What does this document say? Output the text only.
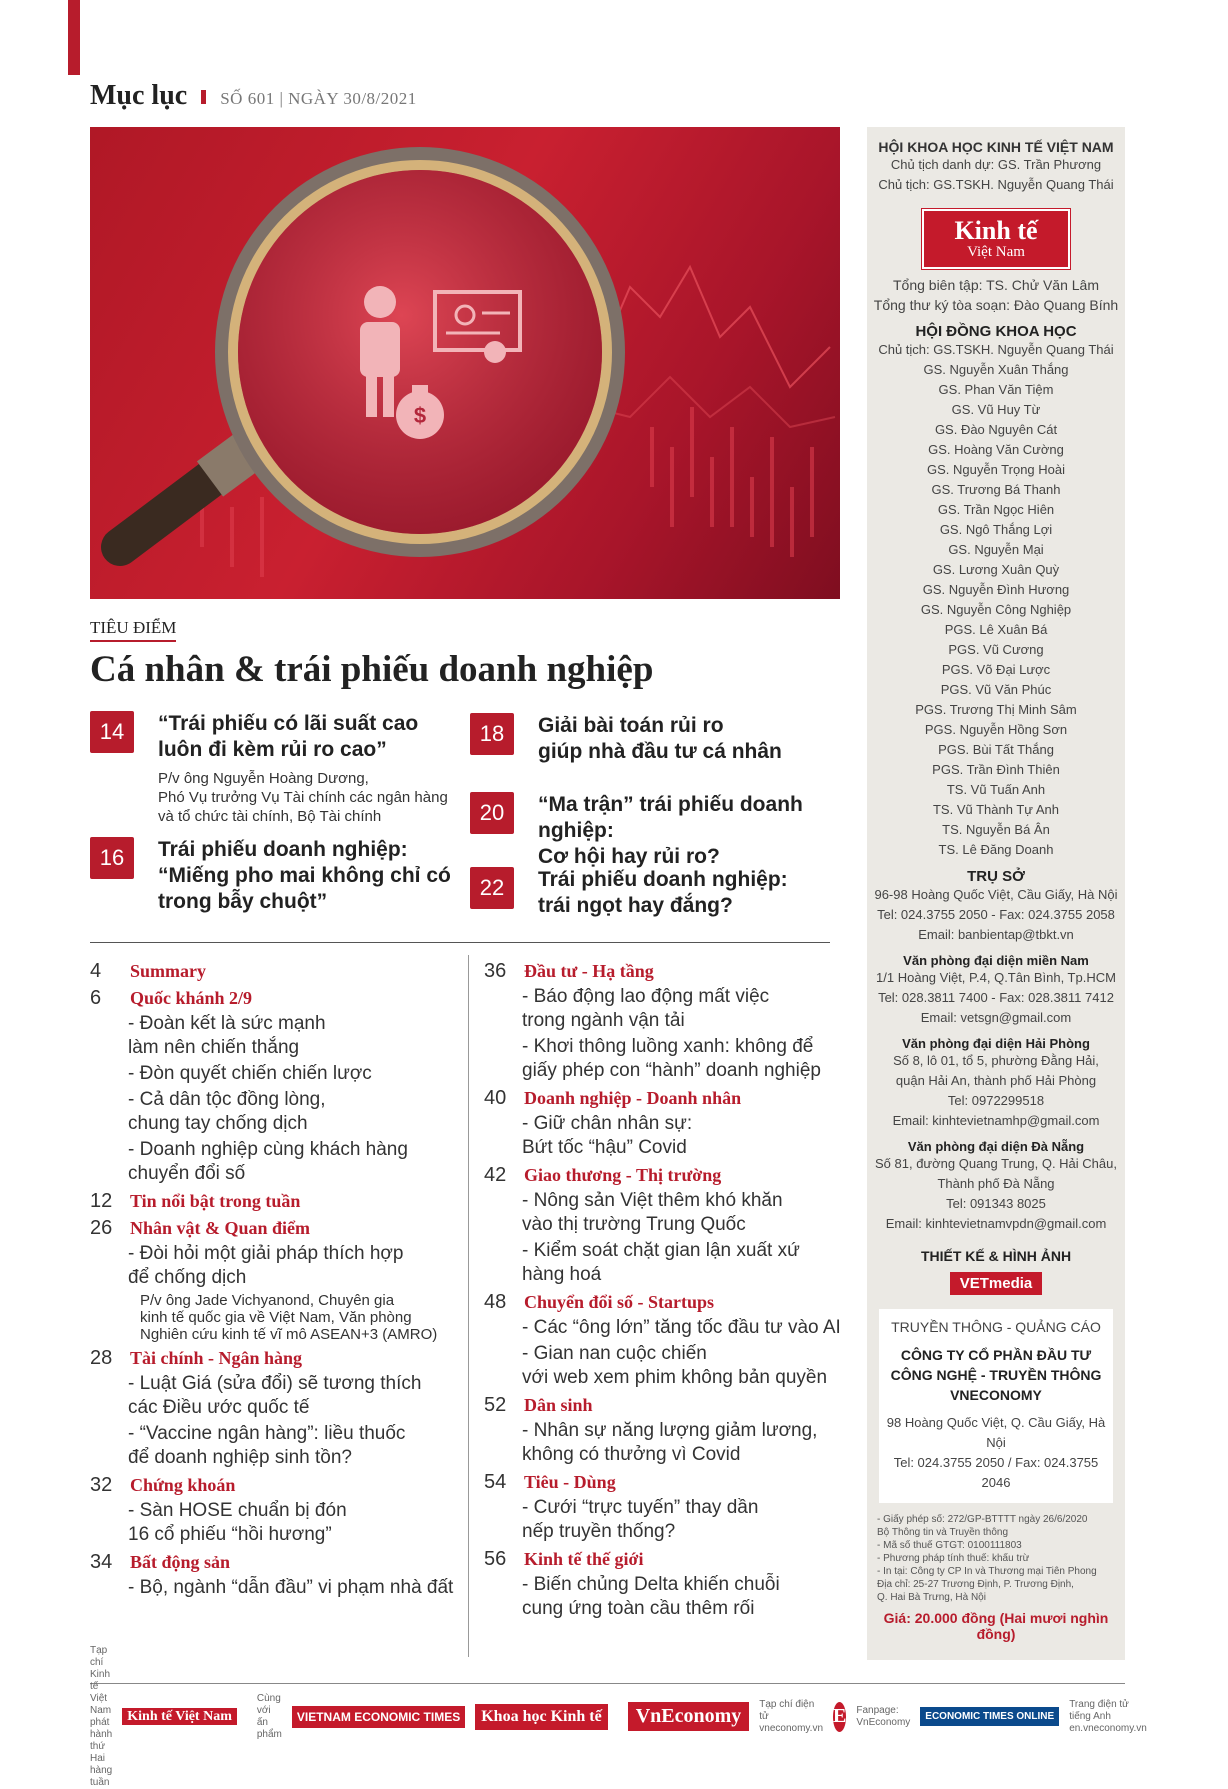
Mục lục SỐ 601 | NGÀY 30/8/2021
$
TIÊU ĐIỂM
Cá nhân & trái phiếu doanh nghiệp
14	“Trái phiếu có lãi suất cao
luôn đi kèm rủi ro cao”
P/v ông Nguyễn Hoàng Dương,
Phó Vụ trưởng Vụ Tài chính các ngân hàng
và tổ chức tài chính, Bộ Tài chính
16	Trái phiếu doanh nghiệp:
“Miếng pho mai không chỉ có
trong bẫy chuột”
18	Giải bài toán rủi ro
giúp nhà đầu tư cá nhân
20	“Ma trận” trái phiếu doanh nghiệp:
Cơ hội hay rủi ro?
22	Trái phiếu doanh nghiệp:
trái ngọt hay đắng?
4	Summary
6	Quốc khánh 2/9
- Đoàn kết là sức mạnh
làm nên chiến thắng
- Đòn quyết chiến chiến lược
- Cả dân tộc đồng lòng,
chung tay chống dịch
- Doanh nghiệp cùng khách hàng
chuyển đổi số
12 Tin nổi bật trong tuần
26 Nhân vật & Quan điểm
- Đòi hỏi một giải pháp thích hợp
để chống dịch
P/v ông Jade Vichyanond, Chuyên gia
kinh tế quốc gia về Việt Nam, Văn phòng
Nghiên cứu kinh tế vĩ mô ASEAN+3 (AMRO)
28 Tài chính - Ngân hàng
- Luật Giá (sửa đổi) sẽ tương thích
các Điều ước quốc tế
- “Vaccine ngân hàng”: liều thuốc
để doanh nghiệp sinh tồn?
32 Chứng khoán
- Sàn HOSE chuẩn bị đón
16 cổ phiếu “hồi hương”
34 Bất động sản
- Bộ, ngành “dẫn đầu” vi phạm nhà đất
36 Đầu tư - Hạ tầng
- Báo động lao động mất việc
trong ngành vận tải
- Khơi thông luồng xanh: không để
giấy phép con “hành” doanh nghiệp
40 Doanh nghiệp - Doanh nhân
- Giữ chân nhân sự:
Bứt tốc “hậu” Covid
42 Giao thương - Thị trường
- Nông sản Việt thêm khó khăn
vào thị trường Trung Quốc
- Kiểm soát chặt gian lận xuất xứ
hàng hoá
48 Chuyển đổi số - Startups
- Các “ông lớn” tăng tốc đầu tư vào AI
- Gian nan cuộc chiến
với web xem phim không bản quyền
52 Dân sinh
- Nhân sự năng lượng giảm lương,
không có thưởng vì Covid
54 Tiêu - Dùng
- Cưới “trực tuyến” thay dần
nếp truyền thống?
56 Kinh tế thế giới
- Biến chủng Delta khiến chuỗi
cung ứng toàn cầu thêm rối
HỘI KHOA HỌC KINH TẾ VIỆT NAM
Chủ tịch danh dự: GS. Trần Phương
Chủ tịch: GS.TSKH. Nguyễn Quang Thái
Kinh tế
Việt Nam
Tổng biên tập: TS. Chử Văn Lâm
Tổng thư ký tòa soạn: Đào Quang Bính
HỘI ĐỒNG KHOA HỌC
Chủ tịch: GS.TSKH. Nguyễn Quang Thái
GS. Nguyễn Xuân Thắng
GS. Phan Văn Tiệm
GS. Vũ Huy Từ
GS. Đào Nguyên Cát
GS. Hoàng Văn Cường
GS. Nguyễn Trọng Hoài
GS. Trương Bá Thanh
GS. Trần Ngọc Hiên
GS. Ngô Thắng Lợi
GS. Nguyễn Mại
GS. Lương Xuân Quỳ
GS. Nguyễn Đình Hương
GS. Nguyễn Công Nghiệp
PGS. Lê Xuân Bá
PGS. Vũ Cương
PGS. Võ Đại Lược
PGS. Vũ Văn Phúc
PGS. Trương Thị Minh Sâm
PGS. Nguyễn Hồng Sơn
PGS. Bùi Tất Thắng
PGS. Trần Đình Thiên
TS. Vũ Tuấn Anh
TS. Vũ Thành Tự Anh
TS. Nguyễn Bá Ân
TS. Lê Đăng Doanh
TRỤ SỞ
96-98 Hoàng Quốc Việt, Cầu Giấy, Hà Nội
Tel: 024.3755 2050 - Fax: 024.3755 2058
Email: banbientap@tbkt.vn
Văn phòng đại diện miền Nam
1/1 Hoàng Việt, P.4, Q.Tân Bình, Tp.HCM
Tel: 028.3811 7400 - Fax: 028.3811 7412
Email: vetsgn@gmail.com
Văn phòng đại diện Hải Phòng
Số 8, lô 01, tổ 5, phường Đằng Hải,
quận Hải An, thành phố Hải Phòng
Tel: 0972299518
Email: kinhtevietnamhp@gmail.com
Văn phòng đại diện Đà Nẵng
Số 81, đường Quang Trung, Q. Hải Châu,
Thành phố Đà Nẵng
Tel: 091343 8025
Email: kinhtevietnamvpdn@gmail.com
THIẾT KẾ & HÌNH ẢNH
VETmedia
TRUYỀN THÔNG - QUẢNG CÁO
CÔNG TY CỔ PHẦN ĐẦU TƯ
CÔNG NGHỆ - TRUYỀN THÔNG
VNECONOMY
98 Hoàng Quốc Việt, Q. Cầu Giấy, Hà Nội
Tel: 024.3755 2050 / Fax: 024.3755 2046
- Giấy phép số: 272/GP-BTTTT ngày 26/6/2020
Bộ Thông tin và Truyền thông
- Mã số thuế GTGT: 0100111803
- Phương pháp tính thuế: khấu trừ
- In tại: Công ty CP In và Thương mại Tiên Phong
Địa chỉ: 25-27 Trương Định, P. Trương Định,
Q. Hai Bà Trưng, Hà Nội
Giá: 20.000 đồng (Hai mươi nghìn đồng)
Tạp chí Kinh tế Việt Nam
phát hành thứ Hai hàng tuần
Kinh tế Việt Nam
Cùng với
ấn phẩm
VIETNAM ECONOMIC TIMES	Khoa học Kinh tế	VnEconomy
Tạp chí điện tử
vneconomy.vn
E Fanpage:
VnEconomy	ECONOMIC TIMES ONLINE
Trang điện tử tiếng Anh
en.vneconomy.vn
